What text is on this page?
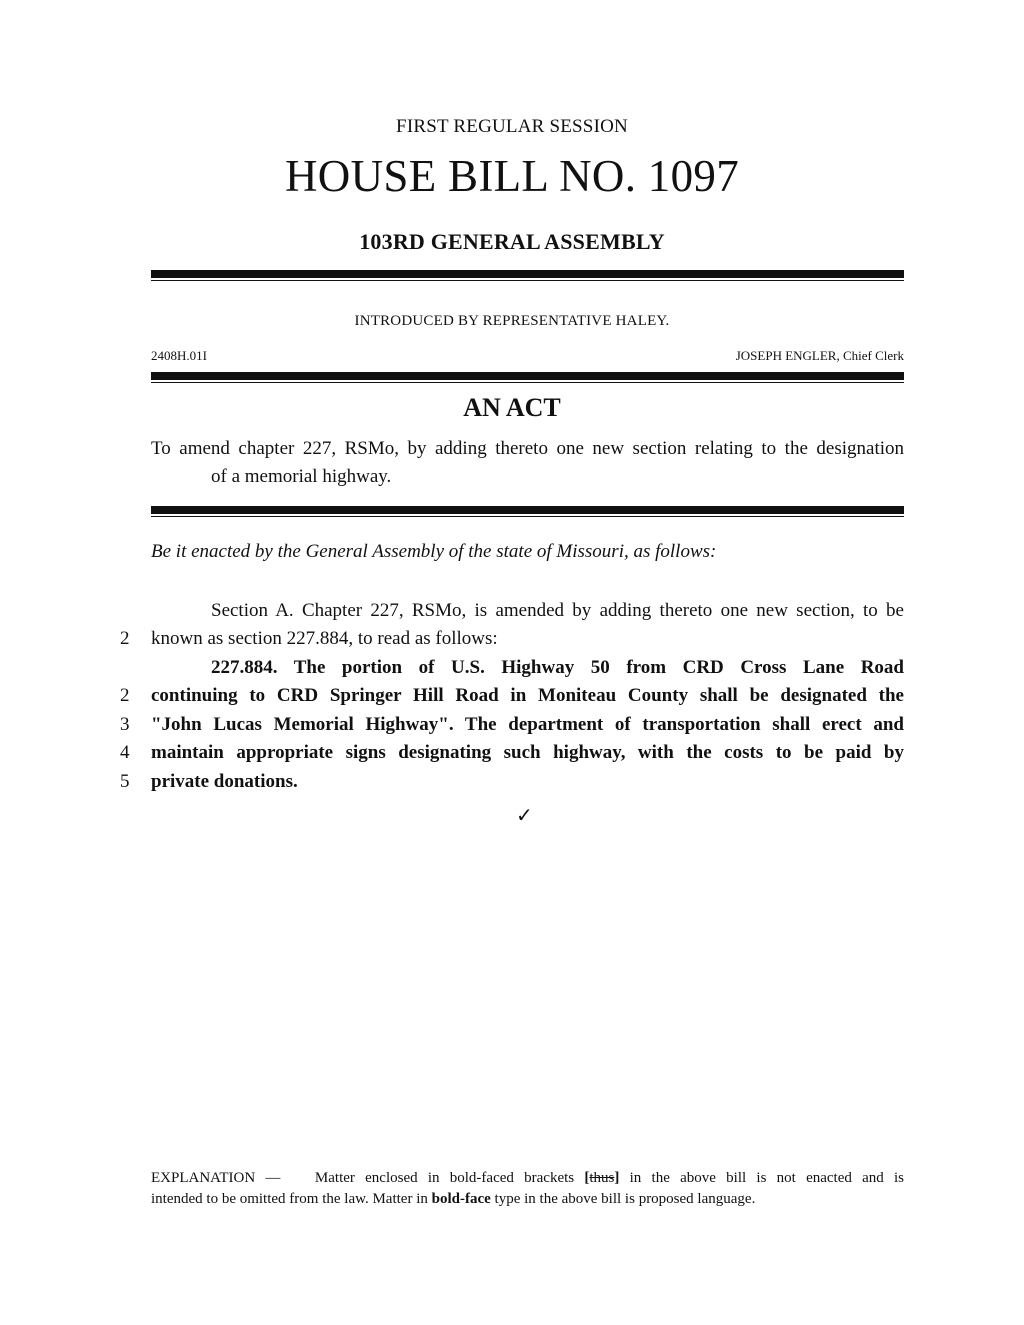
FIRST REGULAR SESSION
HOUSE BILL NO. 1097
103RD GENERAL ASSEMBLY
INTRODUCED BY REPRESENTATIVE HALEY.
2408H.01I	JOSEPH ENGLER, Chief Clerk
AN ACT
To amend chapter 227, RSMo, by adding thereto one new section relating to the designation
of a memorial highway.
Be it enacted by the General Assembly of the state of Missouri, as follows:
Section A. Chapter 227, RSMo, is amended by adding thereto one new section, to be
2	known as section 227.884, to read as follows:
227.884. The portion of U.S. Highway 50 from CRD Cross Lane Road
2	continuing to CRD Springer Hill Road in Moniteau County shall be designated the
3	"John Lucas Memorial Highway". The department of transportation shall erect and
4	maintain appropriate signs designating such highway, with the costs to be paid by
5	private donations.
✓
EXPLANATION — Matter enclosed in bold-faced brackets [thus] in the above bill is not enacted and is
intended to be omitted from the law. Matter in bold-face type in the above bill is proposed language.
